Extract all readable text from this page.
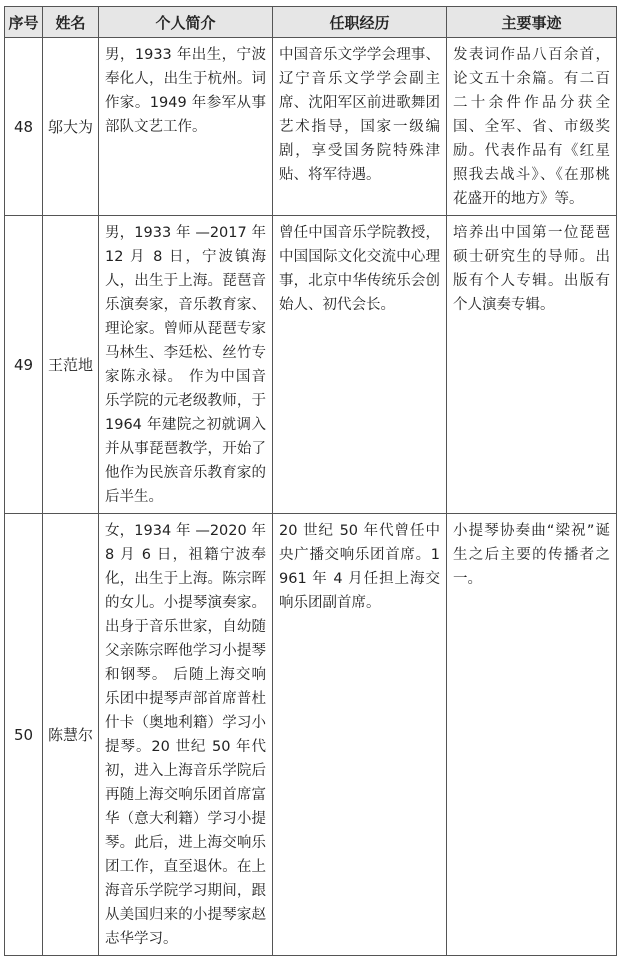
序号	姓名	个人简介	任职经历	主要事迹
48	邬大为	男，1933 年出生，宁波奉化人，出生于杭州。词作家。1949 年参军从事部队文艺工作。	中国音乐文学学会理事、辽宁音乐文学学会副主席、沈阳军区前进歌舞团艺术指导，国家一级编剧，享受国务院特殊津贴、将军待遇。	发表词作品八百余首，论文五十余篇。有二百二十余件作品分获全国、全军、省、市级奖励。代表作品有《红星照我去战斗》、《在那桃花盛开的地方》等。
49	王范地	男，1933 年 —2017 年 12 月 8 日，宁波镇海人，出生于上海。琵琶音乐演奏家，音乐教育家、理论家。曾师从琵琶专家马林生、李廷松、丝竹专家陈永禄。 作为中国音乐学院的元老级教师，于 1964 年建院之初就调入并从事琵琶教学，开始了他作为民族音乐教育家的后半生。	曾任中国音乐学院教授，中国国际文化交流中心理事，北京中华传统乐会创始人、初代会长。	培养出中国第一位琵琶硕士研究生的导师。出版有个人专辑。出版有个人演奏专辑。
50	陈慧尔	女，1934 年 —2020 年 8 月 6 日，祖籍宁波奉化，出生于上海。陈宗晖的女儿。小提琴演奏家。出身于音乐世家，自幼随父亲陈宗晖他学习小提琴和钢琴。 后随上海交响乐团中提琴声部首席普杜什卡（奥地利籍）学习小提琴。20 世纪 50 年代初，进入上海音乐学院后再随上海交响乐团首席富华（意大利籍）学习小提琴。此后，进上海交响乐团工作，直至退休。在上海音乐学院学习期间，跟从美国归来的小提琴家赵志华学习。	20 世纪 50 年代曾任中央广播交响乐团首席。1961 年 4 月任担上海交响乐团副首席。	小提琴协奏曲“梁祝”诞生之后主要的传播者之一。
